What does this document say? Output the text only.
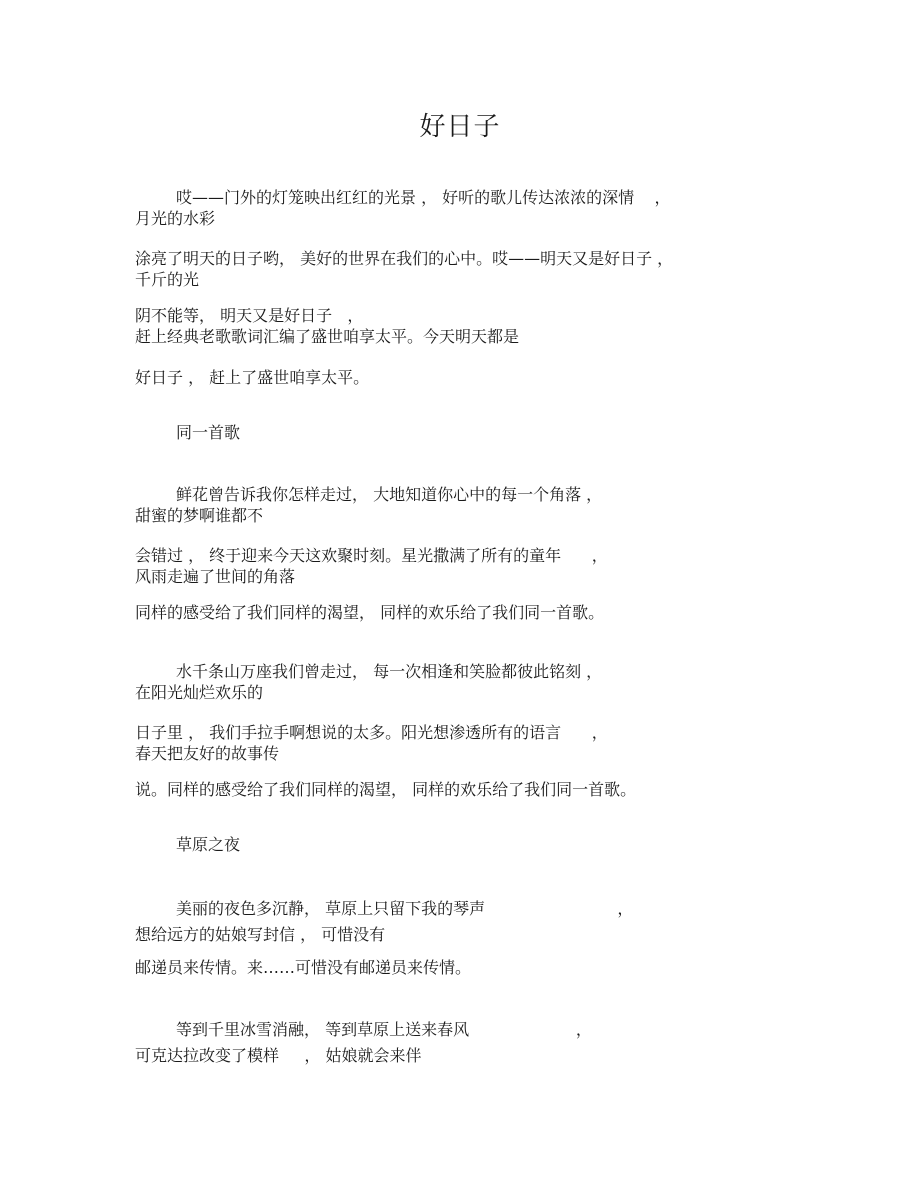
好日子
哎——门外的灯笼映出红红的光景 ， 好听的歌儿传达浓浓的深情    ，
月光的水彩
涂亮了明天的日子哟， 美好的世界在我们的心中。哎——明天又是好日子 ，
千斤的光
阴不能等， 明天又是好日子   ，
赶上经典老歌歌词汇编了盛世咱享太平。今天明天都是
好日子 ， 赶上了盛世咱享太平。
同一首歌
鲜花曾告诉我你怎样走过， 大地知道你心中的每一个角落 ，
甜蜜的梦啊谁都不
会错过 ， 终于迎来今天这欢聚时刻。星光撒满了所有的童年      ，
风雨走遍了世间的角落
同样的感受给了我们同样的渴望， 同样的欢乐给了我们同一首歌。
水千条山万座我们曾走过， 每一次相逢和笑脸都彼此铭刻 ，
在阳光灿烂欢乐的
日子里 ， 我们手拉手啊想说的太多。阳光想渗透所有的语言      ，
春天把友好的故事传
说。同样的感受给了我们同样的渴望， 同样的欢乐给了我们同一首歌。
草原之夜
美丽的夜色多沉静， 草原上只留下我的琴声                          ，
想给远方的姑娘写封信 ， 可惜没有
邮递员来传情。来……可惜没有邮递员来传情。
等到千里冰雪消融， 等到草原上送来春风                     ，
可克达拉改变了模样     ， 姑娘就会来伴
